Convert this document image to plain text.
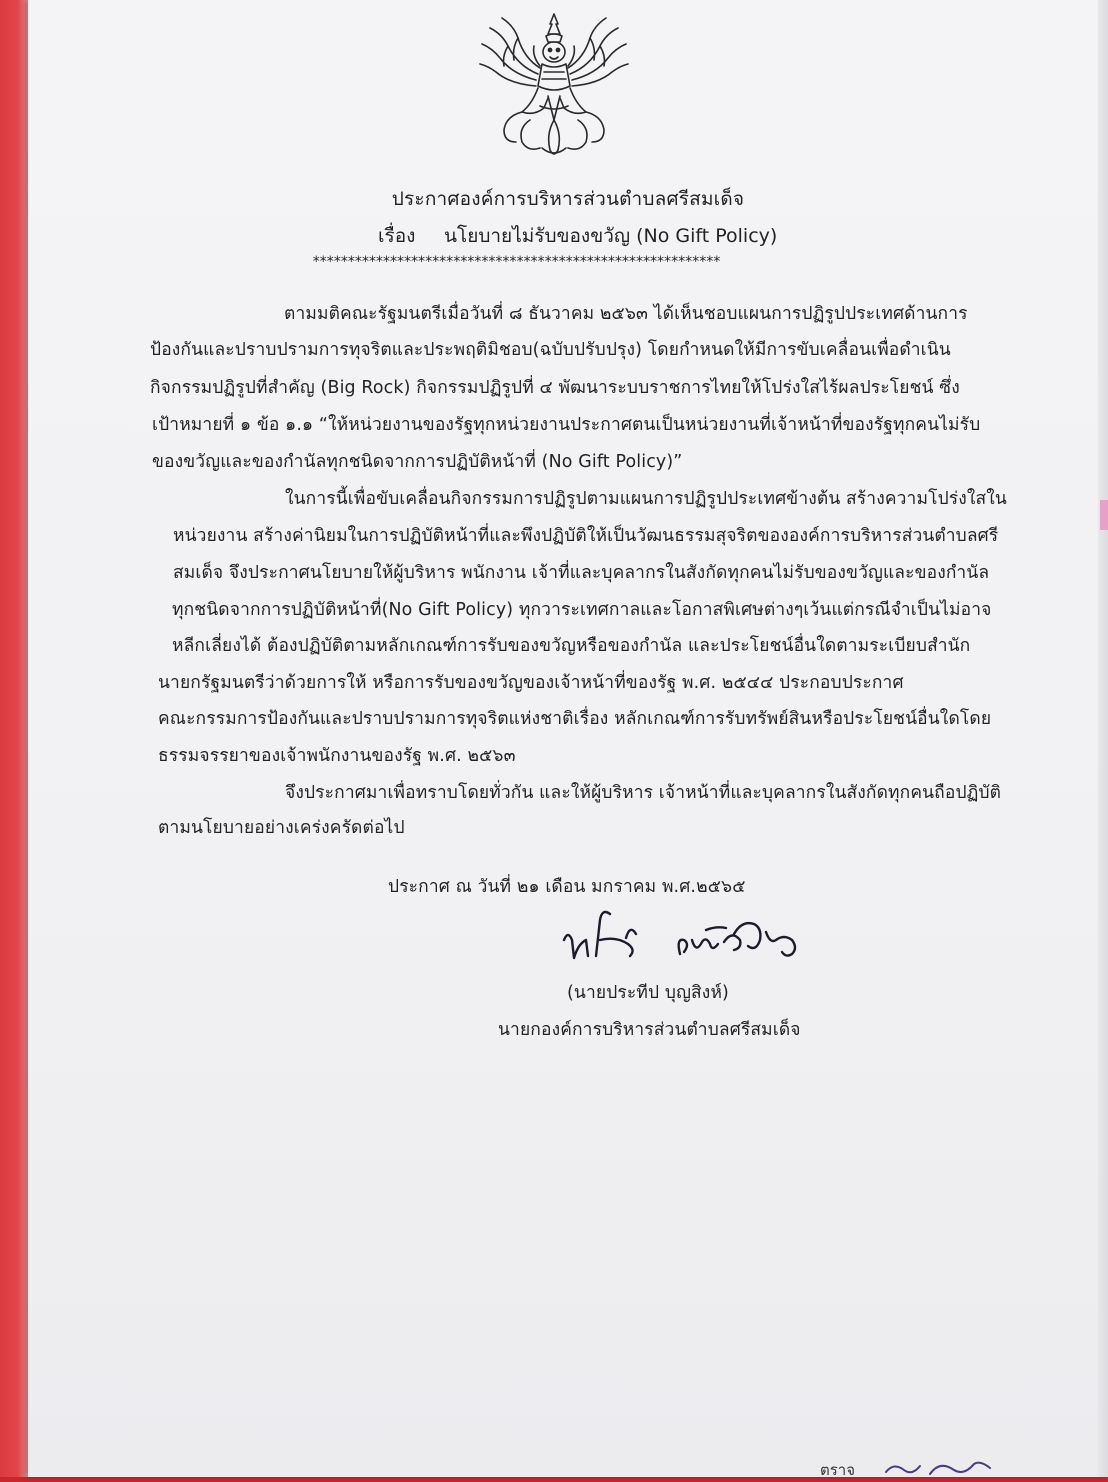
ประกาศองค์การบริหารส่วนตำบลศรีสมเด็จ
เรื่อง นโยบายไม่รับของขวัญ (No Gift Policy)
**********************************************************
ตามมติคณะรัฐมนตรีเมื่อวันที่ ๘ ธันวาคม ๒๕๖๓ ได้เห็นชอบแผนการปฏิรูปประเทศด้านการ
ป้องกันและปราบปรามการทุจริตและประพฤติมิชอบ(ฉบับปรับปรุง) โดยกำหนดให้มีการขับเคลื่อนเพื่อดำเนิน
กิจกรรมปฏิรูปที่สำคัญ (Big Rock) กิจกรรมปฏิรูปที่ ๔ พัฒนาระบบราชการไทยให้โปร่งใสไร้ผลประโยชน์ ซึ่ง
เป้าหมายที่ ๑ ข้อ ๑.๑ “ให้หน่วยงานของรัฐทุกหน่วยงานประกาศตนเป็นหน่วยงานที่เจ้าหน้าที่ของรัฐทุกคนไม่รับ
ของขวัญและของกำนัลทุกชนิดจากการปฏิบัติหน้าที่ (No Gift Policy)”
ในการนี้เพื่อขับเคลื่อนกิจกรรมการปฏิรูปตามแผนการปฏิรูปประเทศข้างต้น สร้างความโปร่งใสใน
หน่วยงาน สร้างค่านิยมในการปฏิบัติหน้าที่และพึงปฏิบัติให้เป็นวัฒนธรรมสุจริตขององค์การบริหารส่วนตำบลศรี
สมเด็จ จึงประกาศนโยบายให้ผู้บริหาร พนักงาน เจ้าที่และบุคลากรในสังกัดทุกคนไม่รับของขวัญและของกำนัล
ทุกชนิดจากการปฏิบัติหน้าที่(No Gift Policy) ทุกวาระเทศกาลและโอกาสพิเศษต่างๆเว้นแต่กรณีจำเป็นไม่อาจ
หลีกเลี่ยงได้ ต้องปฏิบัติตามหลักเกณฑ์การรับของขวัญหรือของกำนัล และประโยชน์อื่นใดตามระเบียบสำนัก
นายกรัฐมนตรีว่าด้วยการให้ หรือการรับของขวัญของเจ้าหน้าที่ของรัฐ พ.ศ. ๒๕๔๔ ประกอบประกาศ
คณะกรรมการป้องกันและปราบปรามการทุจริตแห่งชาติเรื่อง หลักเกณฑ์การรับทรัพย์สินหรือประโยชน์อื่นใดโดย
ธรรมจรรยาของเจ้าพนักงานของรัฐ พ.ศ. ๒๕๖๓
จึงประกาศมาเพื่อทราบโดยทั่วกัน และให้ผู้บริหาร เจ้าหน้าที่และบุคลากรในสังกัดทุกคนถือปฏิบัติ
ตามนโยบายอย่างเคร่งครัดต่อไป
ประกาศ ณ วันที่ ๒๑ เดือน มกราคม พ.ศ.๒๕๖๕
(นายประทีป บุญสิงห์)
นายกองค์การบริหารส่วนตำบลศรีสมเด็จ
ตราจ
